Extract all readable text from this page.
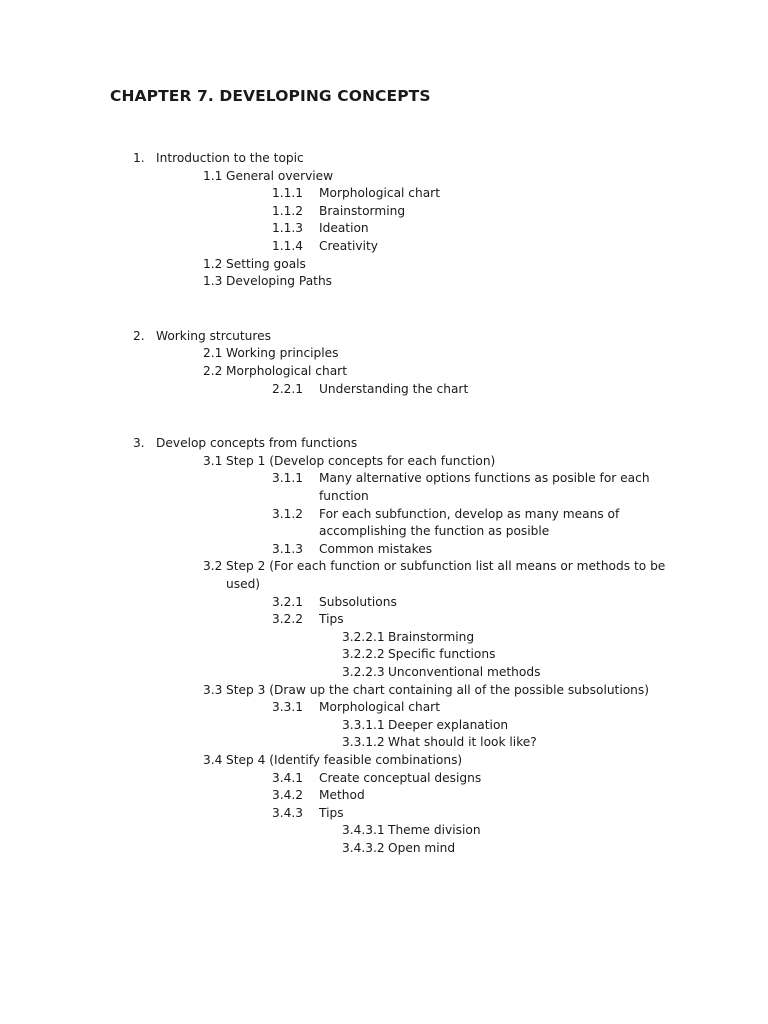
CHAPTER 7. DEVELOPING CONCEPTS
1. Introduction to the topic
1.1 General overview
1.1.1 Morphological chart
1.1.2 Brainstorming
1.1.3 Ideation
1.1.4 Creativity
1.2 Setting goals
1.3 Developing Paths
2. Working strcutures
2.1 Working principles
2.2 Morphological chart
2.2.1 Understanding the chart
3. Develop concepts from functions
3.1 Step 1 (Develop concepts for each function)
3.1.1 Many alternative options functions as posible for each
function
3.1.2 For each subfunction, develop as many means of
accomplishing the function as posible
3.1.3 Common mistakes
3.2 Step 2 (For each function or subfunction list all means or methods to be
used)
3.2.1 Subsolutions
3.2.2 Tips
3.2.2.1 Brainstorming
3.2.2.2 Specific functions
3.2.2.3 Unconventional methods
3.3 Step 3 (Draw up the chart containing all of the possible subsolutions)
3.3.1 Morphological chart
3.3.1.1 Deeper explanation
3.3.1.2 What should it look like?
3.4 Step 4 (Identify feasible combinations)
3.4.1 Create conceptual designs
3.4.2 Method
3.4.3 Tips
3.4.3.1 Theme division
3.4.3.2 Open mind
